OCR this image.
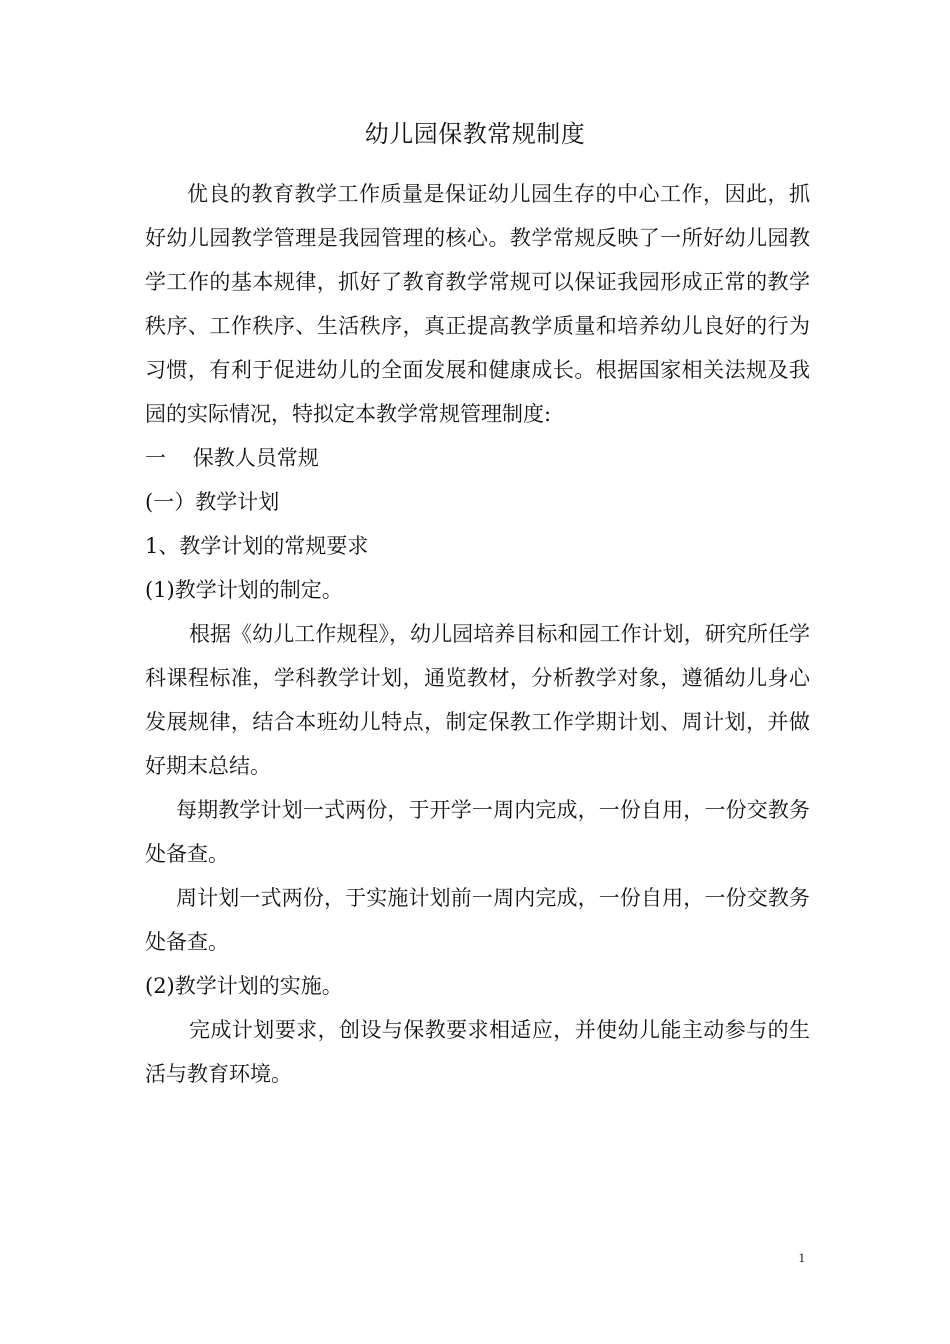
幼儿园保教常规制度

优良的教育教学工作质量是保证幼儿园生存的中心工作，因此，抓好幼儿园教学管理是我园管理的核心。教学常规反映了一所好幼儿园教学工作的基本规律，抓好了教育教学常规可以保证我园形成正常的教学秩序、工作秩序、生活秩序，真正提高教学质量和培养幼儿良好的行为习惯，有利于促进幼儿的全面发展和健康成长。根据国家相关法规及我园的实际情况，特拟定本教学常规管理制度:

一    保教人员常规

(一）教学计划

1、教学计划的常规要求

(1)教学计划的制定。

根据《幼儿工作规程》，幼儿园培养目标和园工作计划，研究所任学科课程标准，学科教学计划，通览教材，分析教学对象，遵循幼儿身心发展规律，结合本班幼儿特点，制定保教工作学期计划、周计划，并做好期末总结。

每期教学计划一式两份，于开学一周内完成，一份自用，一份交教务处备查。

周计划一式两份，于实施计划前一周内完成，一份自用，一份交教务处备查。

(2)教学计划的实施。

完成计划要求，创设与保教要求相适应，并使幼儿能主动参与的生活与教育环境。

1
